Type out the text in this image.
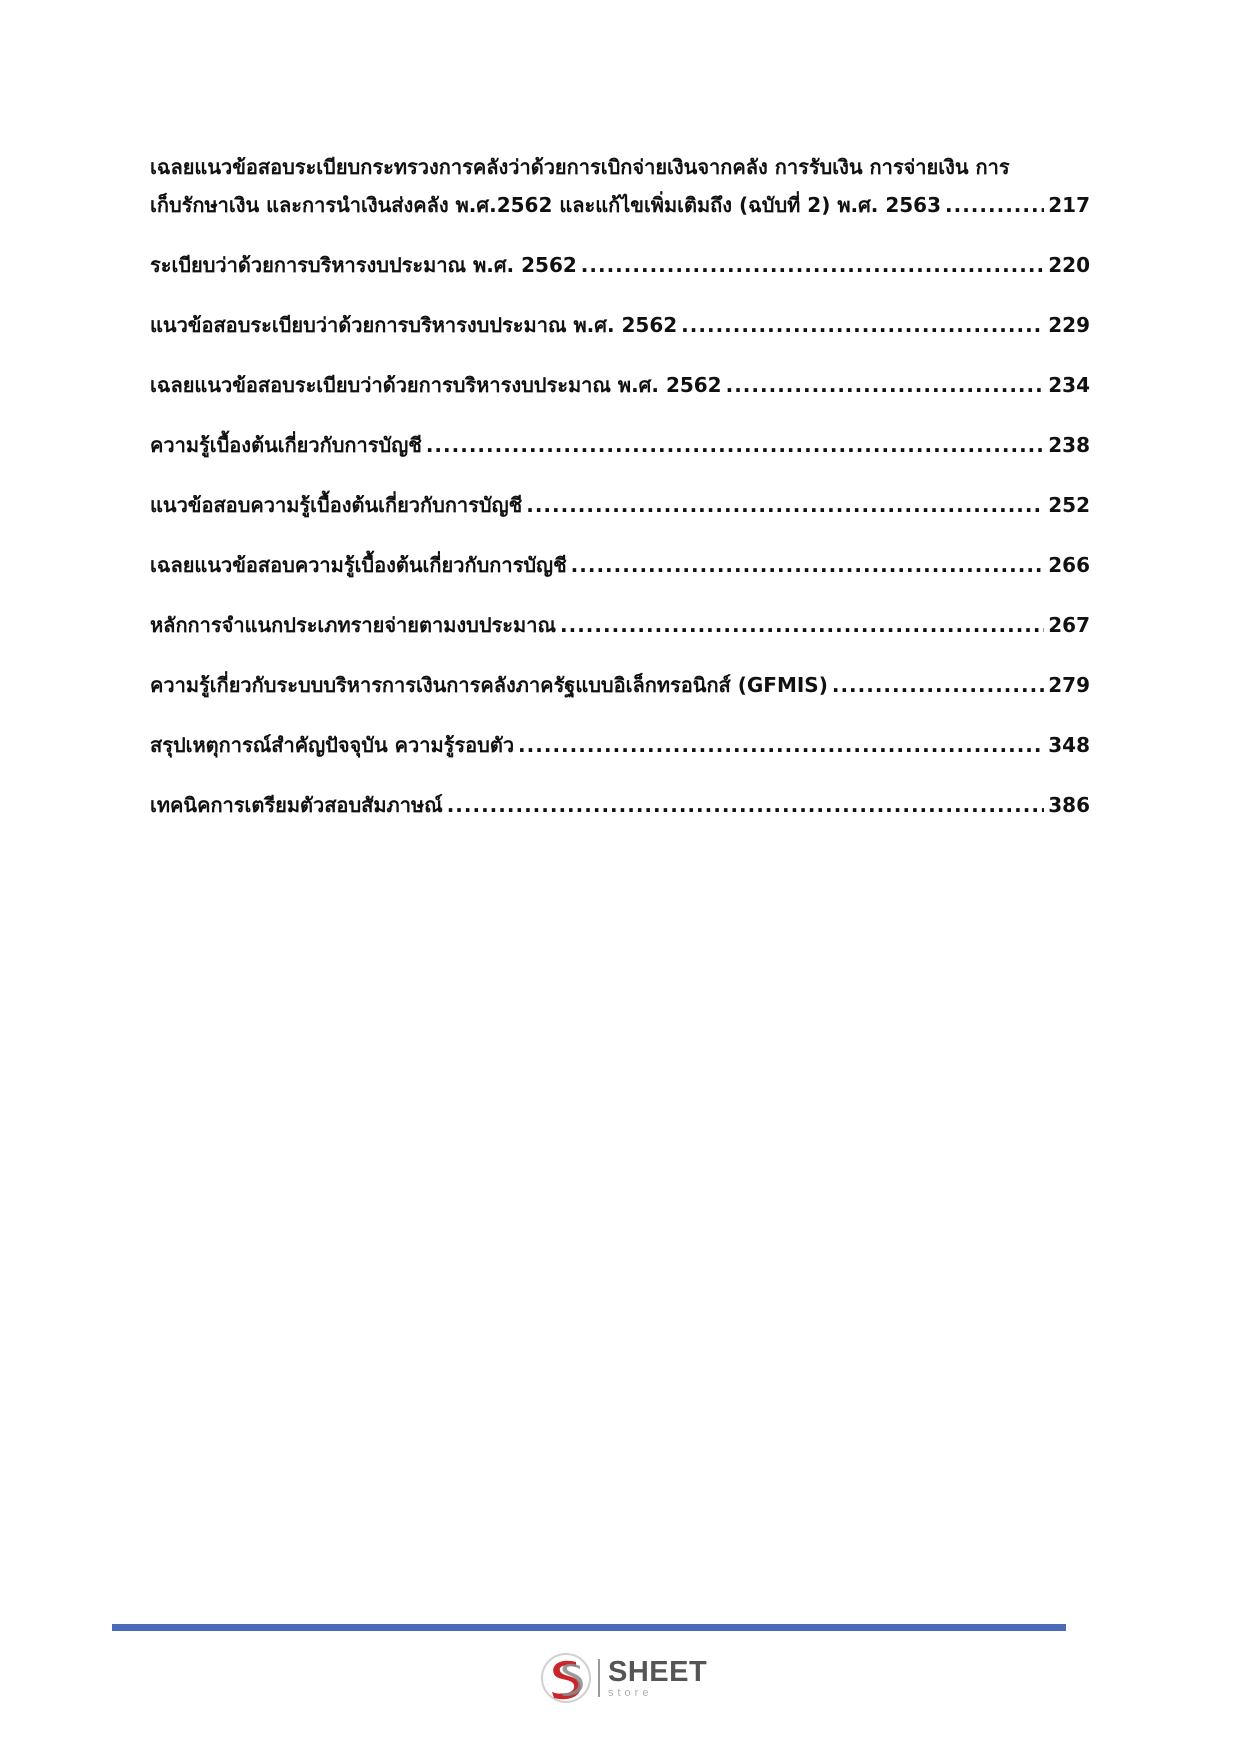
เฉลยแนวข้อสอบระเบียบกระทรวงการคลังว่าด้วยการเบิกจ่ายเงินจากคลัง การรับเงิน การจ่ายเงิน การ
เก็บรักษาเงิน และการนำเงินส่งคลัง พ.ศ.2562 และแก้ไขเพิ่มเติมถึง (ฉบับที่ 2) พ.ศ. 2563 .....	217
ระเบียบว่าด้วยการบริหารงบประมาณ พ.ศ. 2562 .....	220
แนวข้อสอบระเบียบว่าด้วยการบริหารงบประมาณ พ.ศ. 2562 .....	229
เฉลยแนวข้อสอบระเบียบว่าด้วยการบริหารงบประมาณ พ.ศ. 2562 .....	234
ความรู้เบื้องต้นเกี่ยวกับการบัญชี .....	238
แนวข้อสอบความรู้เบื้องต้นเกี่ยวกับการบัญชี .....	252
เฉลยแนวข้อสอบความรู้เบื้องต้นเกี่ยวกับการบัญชี .....	266
หลักการจำแนกประเภทรายจ่ายตามงบประมาณ .....	267
ความรู้เกี่ยวกับระบบบริหารการเงินการคลังภาครัฐแบบอิเล็กทรอนิกส์ (GFMIS) .....	279
สรุปเหตุการณ์สำคัญปัจจุบัน ความรู้รอบตัว .....	348
เทคนิคการเตรียมตัวสอบสัมภาษณ์ .....	386
SHEET
store
